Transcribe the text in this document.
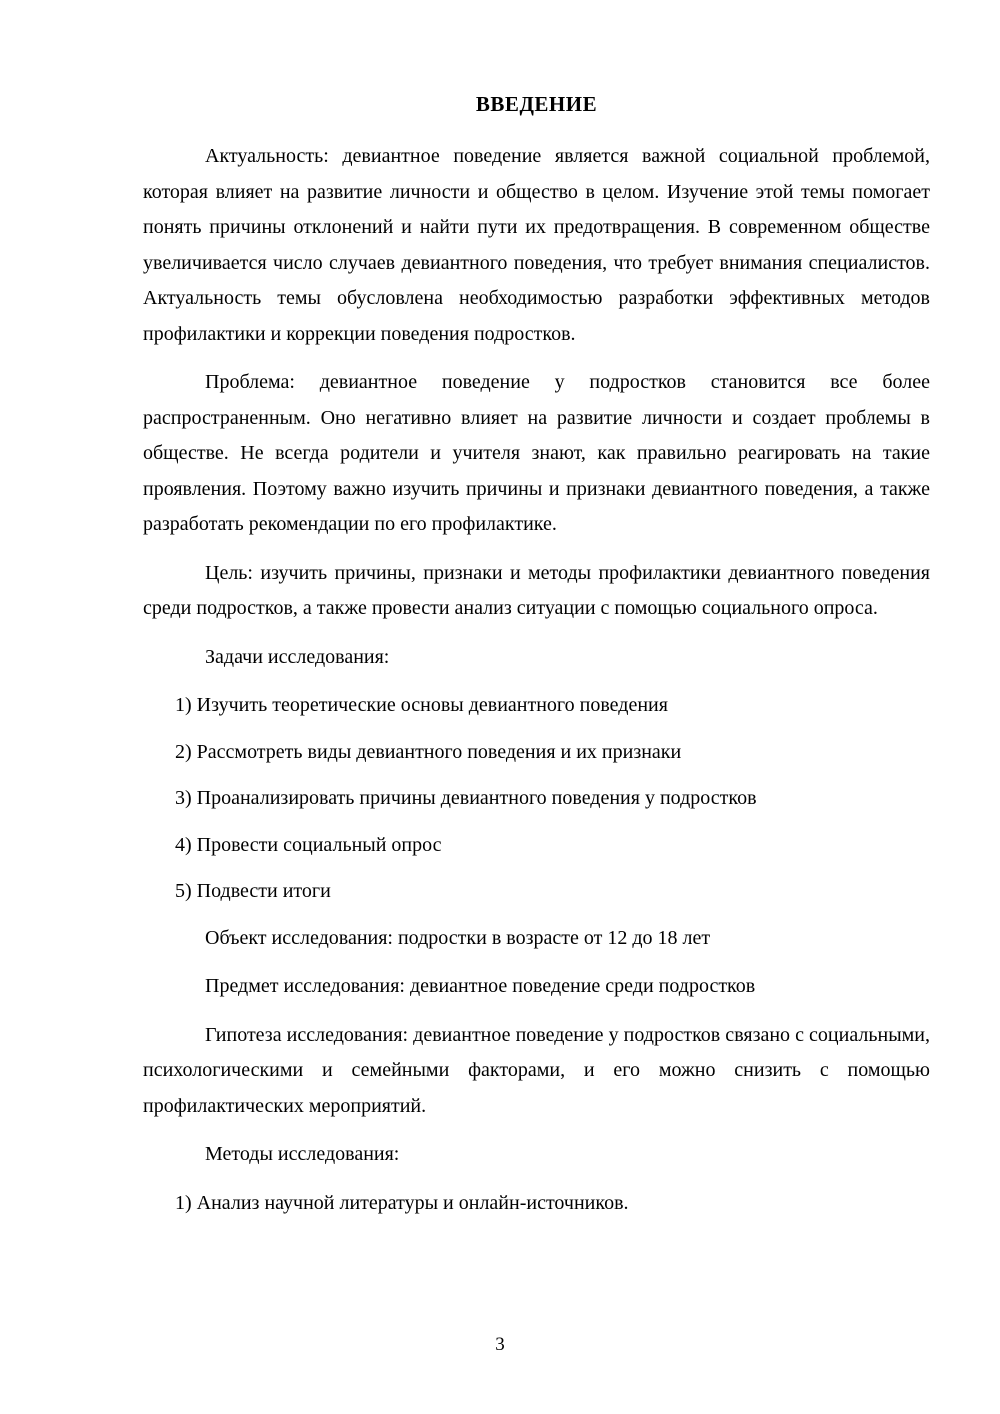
ВВЕДЕНИЕ

Актуальность: девиантное поведение является важной социальной проблемой, которая влияет на развитие личности и общество в целом. Изучение этой темы помогает понять причины отклонений и найти пути их предотвращения. В современном обществе увеличивается число случаев девиантного поведения, что требует внимания специалистов. Актуальность темы обусловлена необходимостью разработки эффективных методов профилактики и коррекции поведения подростков.

Проблема: девиантное поведение у подростков становится все более распространенным. Оно негативно влияет на развитие личности и создает проблемы в обществе. Не всегда родители и учителя знают, как правильно реагировать на такие проявления. Поэтому важно изучить причины и признаки девиантного поведения, а также разработать рекомендации по его профилактике.

Цель: изучить причины, признаки и методы профилактики девиантного поведения среди подростков, а также провести анализ ситуации с помощью социального опроса.

Задачи исследования:

1) Изучить теоретические основы девиантного поведения

2) Рассмотреть виды девиантного поведения и их признаки

3) Проанализировать причины девиантного поведения у подростков

4) Провести социальный опрос

5) Подвести итоги

Объект исследования: подростки в возрасте от 12 до 18 лет

Предмет исследования: девиантное поведение среди подростков

Гипотеза исследования: девиантное поведение у подростков связано с социальными, психологическими и семейными факторами, и его можно снизить с помощью профилактических мероприятий.

Методы исследования:

1) Анализ научной литературы и онлайн-источников.

3
